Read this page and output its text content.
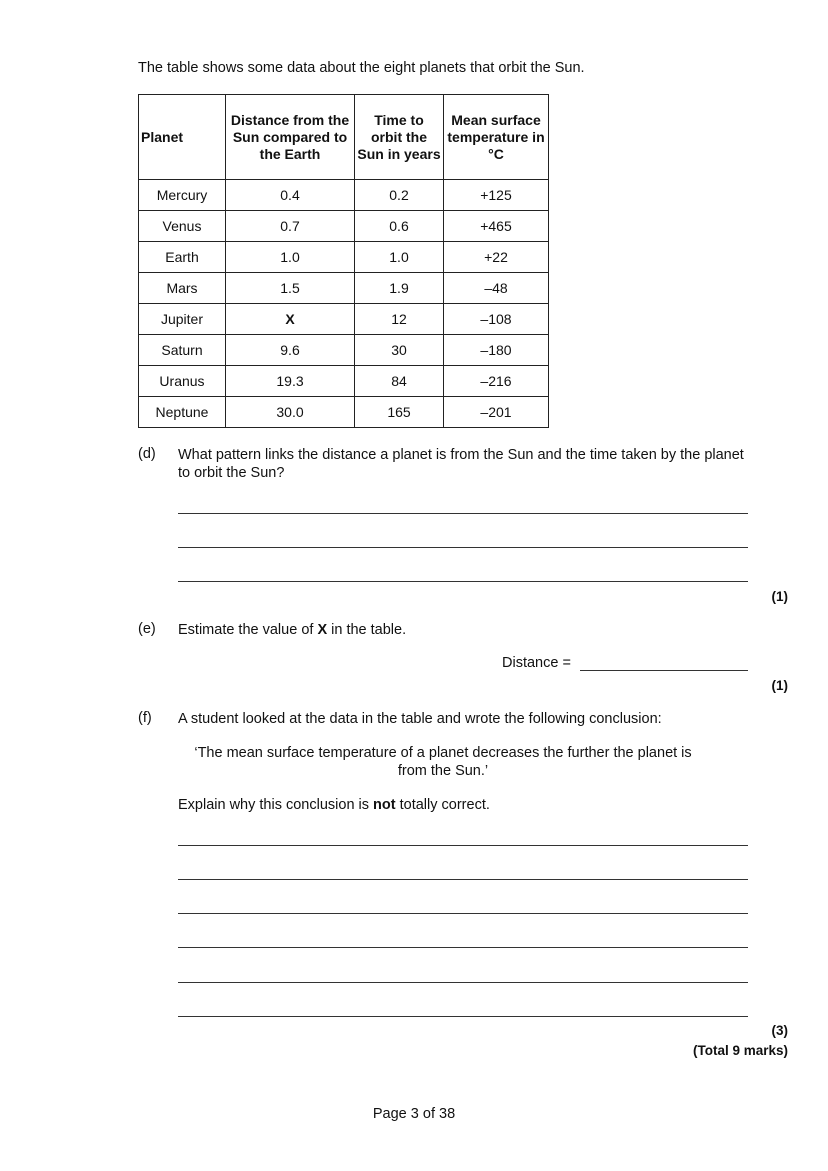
The table shows some data about the eight planets that orbit the Sun.
Planet	Distance from the Sun compared to the Earth	Time to orbit the Sun in years	Mean surface temperature in °C
Mercury	0.4	0.2	+125
Venus	0.7	0.6	+465
Earth	1.0	1.0	+22
Mars	1.5	1.9	–48
Jupiter	X	12	–108
Saturn	9.6	30	–180
Uranus	19.3	84	–216
Neptune	30.0	165	–201
(d) What pattern links the distance a planet is from the Sun and the time taken by the planet to orbit the Sun?
(1)
(e) Estimate the value of X in the table.
Distance =
(1)
(f) A student looked at the data in the table and wrote the following conclusion:
‘The mean surface temperature of a planet decreases the further the planet is from the Sun.’
Explain why this conclusion is not totally correct.
(3)
(Total 9 marks)
Page 3 of 38
